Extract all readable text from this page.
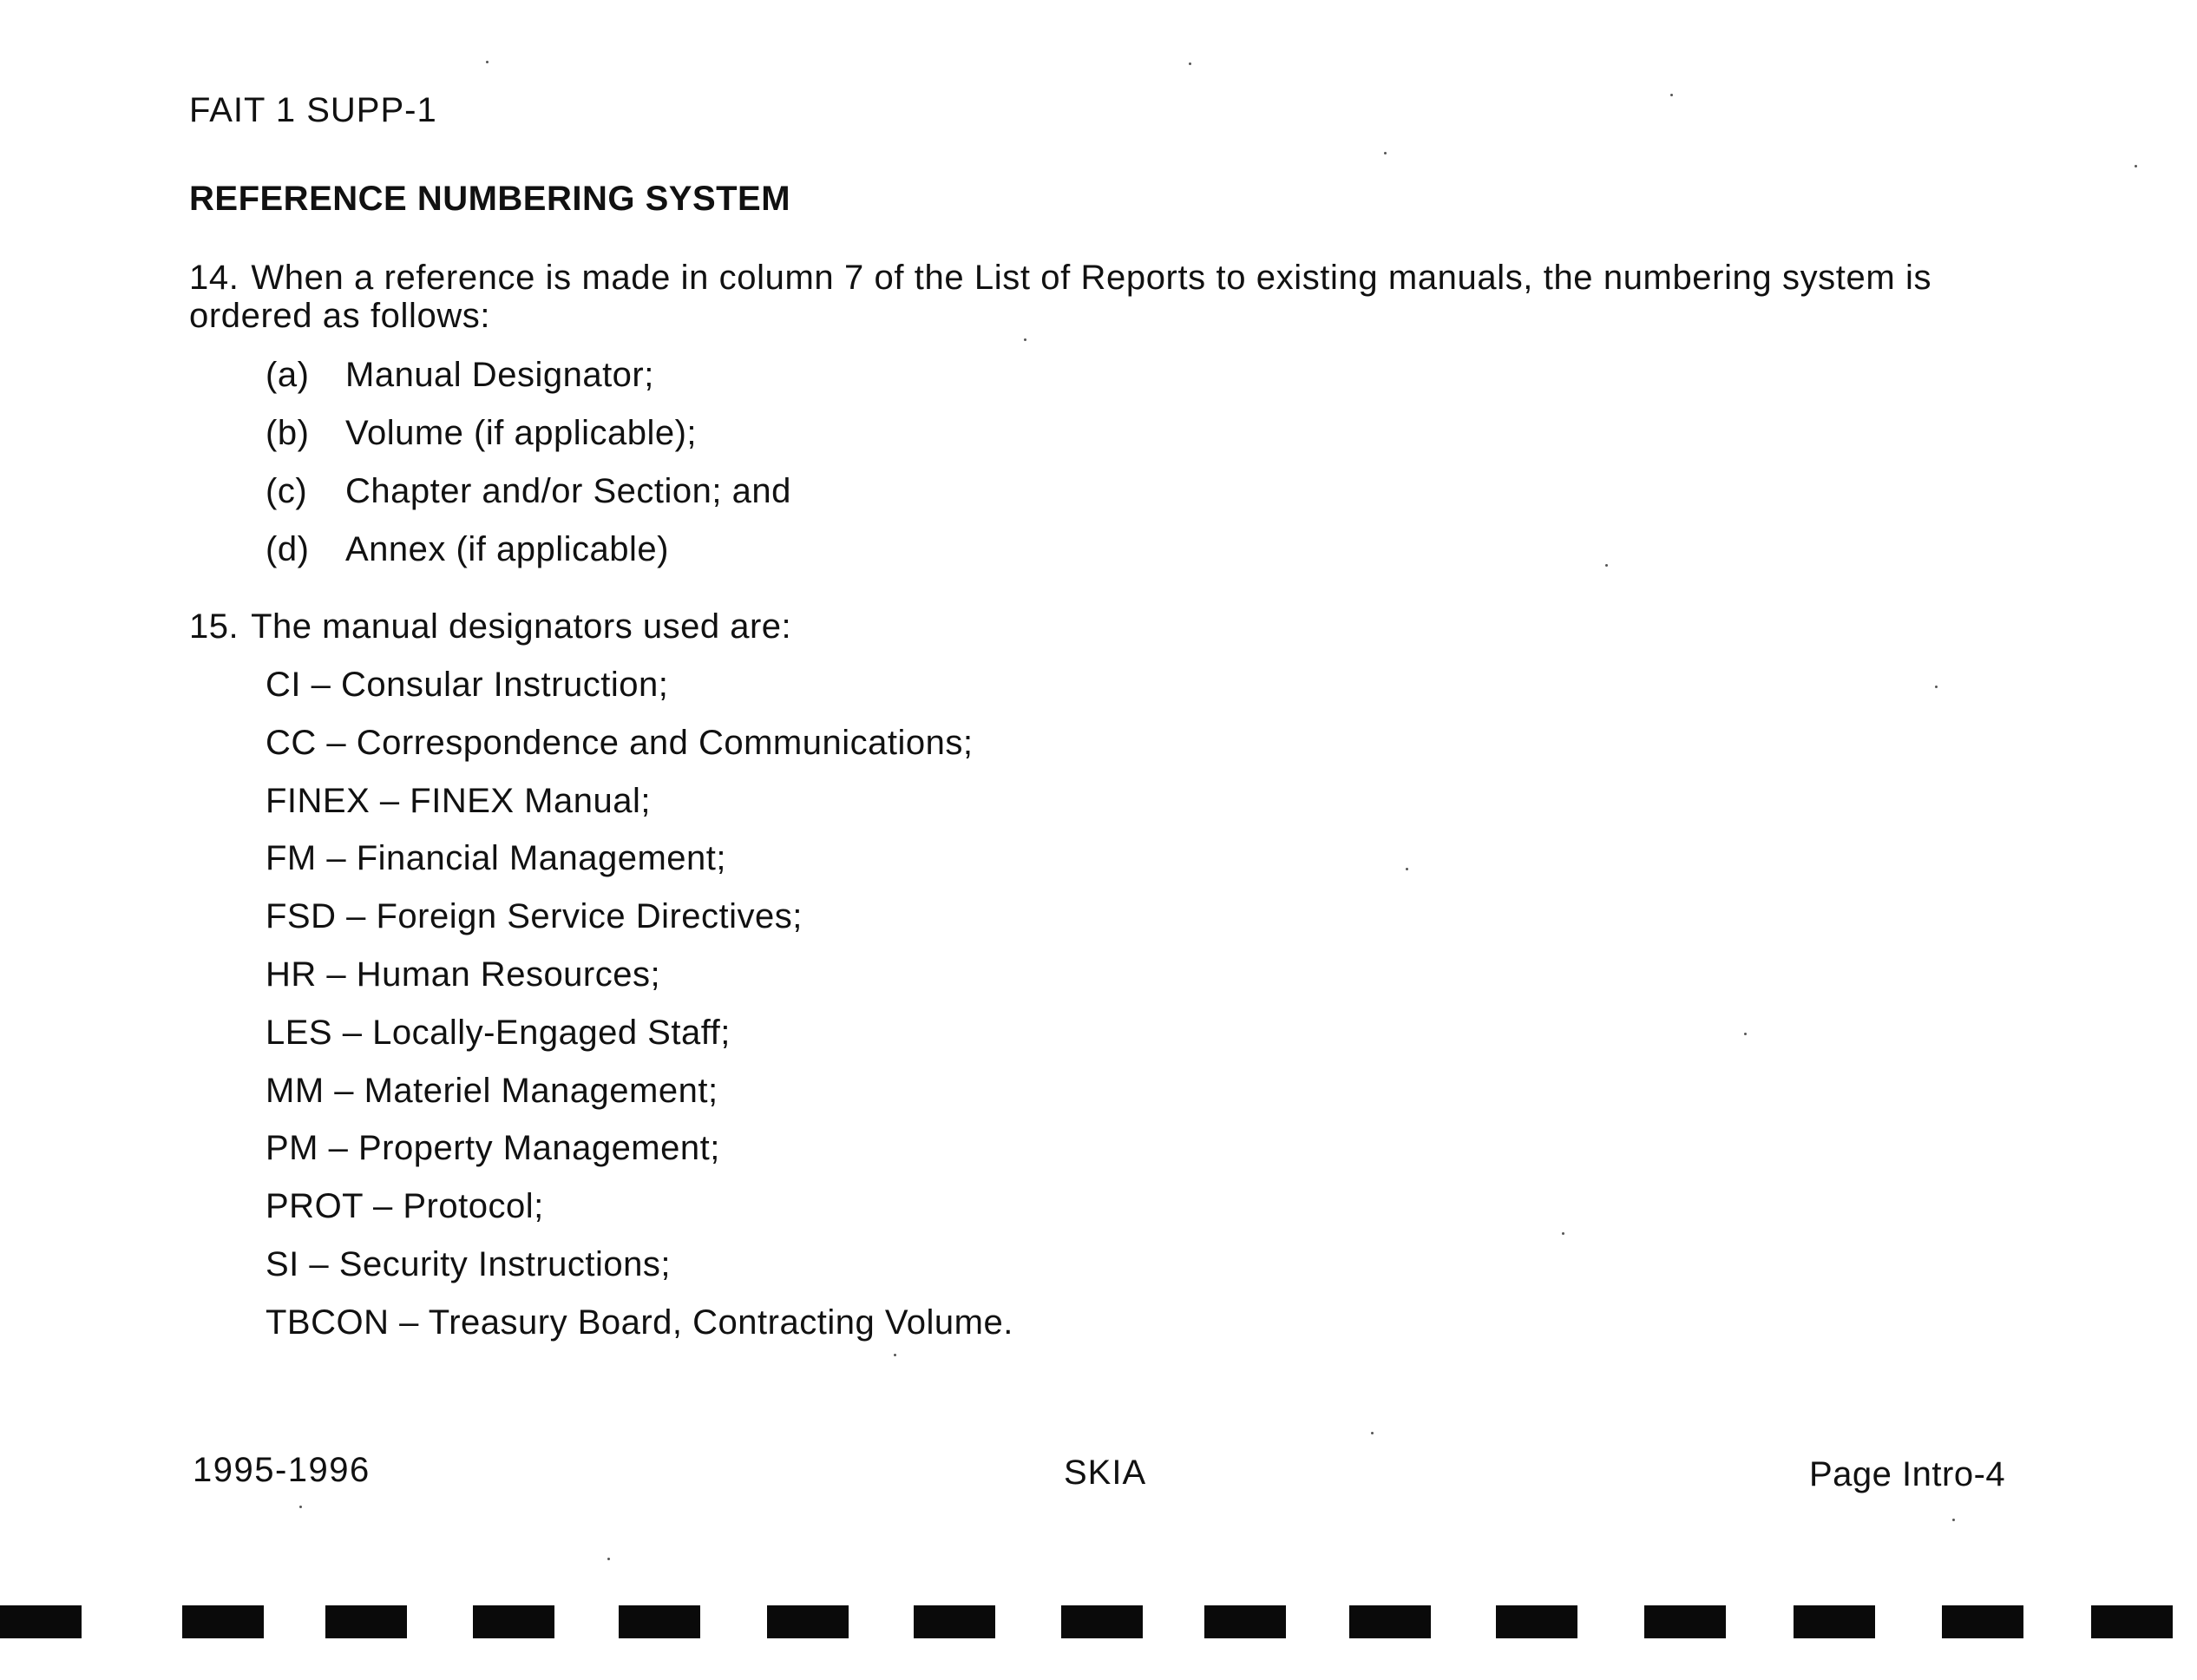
FAIT 1 SUPP-1
REFERENCE NUMBERING SYSTEM
14. When a reference is made in column 7 of the List of Reports to existing manuals, the numbering system is ordered as follows:
(a)	Manual Designator;
(b)	Volume (if applicable);
(c)	Chapter and/or Section; and
(d)	Annex (if applicable)
15. The manual designators used are:
CI – Consular Instruction;
CC – Correspondence and Communications;
FINEX – FINEX Manual;
FM – Financial Management;
FSD – Foreign Service Directives;
HR – Human Resources;
LES – Locally-Engaged Staff;
MM – Materiel Management;
PM – Property Management;
PROT – Protocol;
SI – Security Instructions;
TBCON – Treasury Board, Contracting Volume.
1995-1996	SKIA	Page Intro-4
